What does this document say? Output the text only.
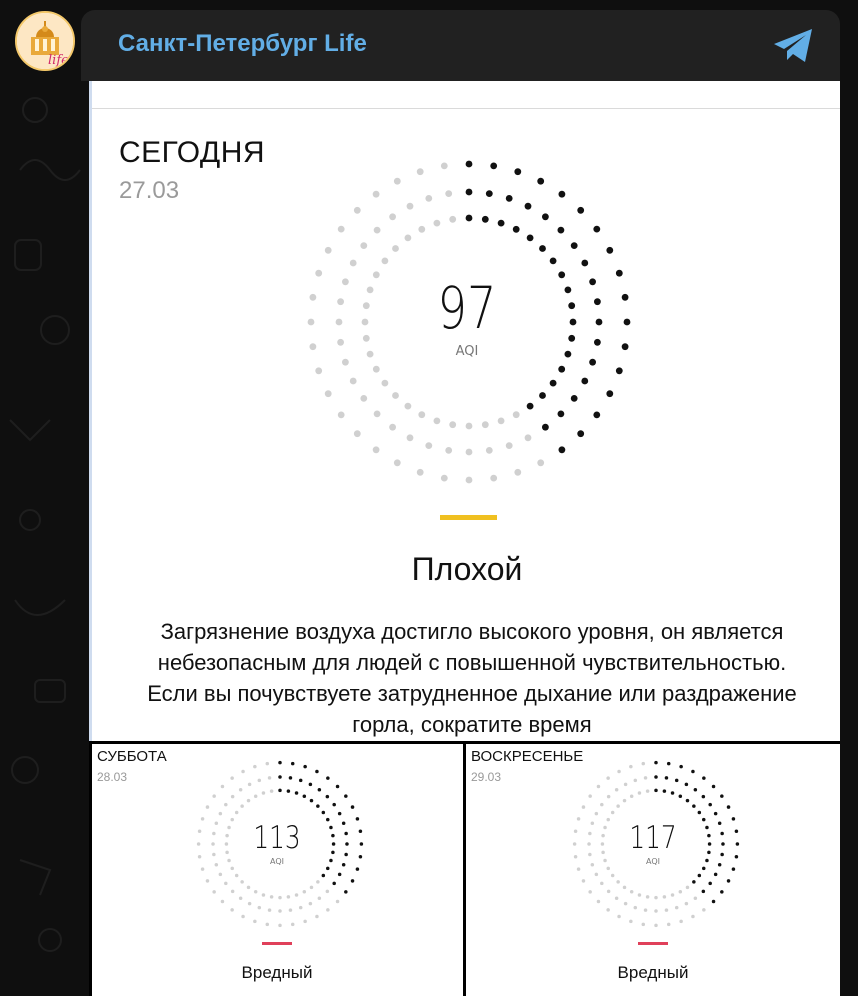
life
Санкт-Петербург Life
СЕГОДНЯ
27.03
97
AQI
Плохой
Загрязнение воздуха достигло высокого уровня, он является небезопасным для людей с повышенной чувствительностью. Если вы почувствуете затрудненное дыхание или раздражение горла, сократите время
СУББОТА
28.03
113
AQI
Вредный
ВОСКРЕСЕНЬЕ
29.03
117
AQI
Вредный
